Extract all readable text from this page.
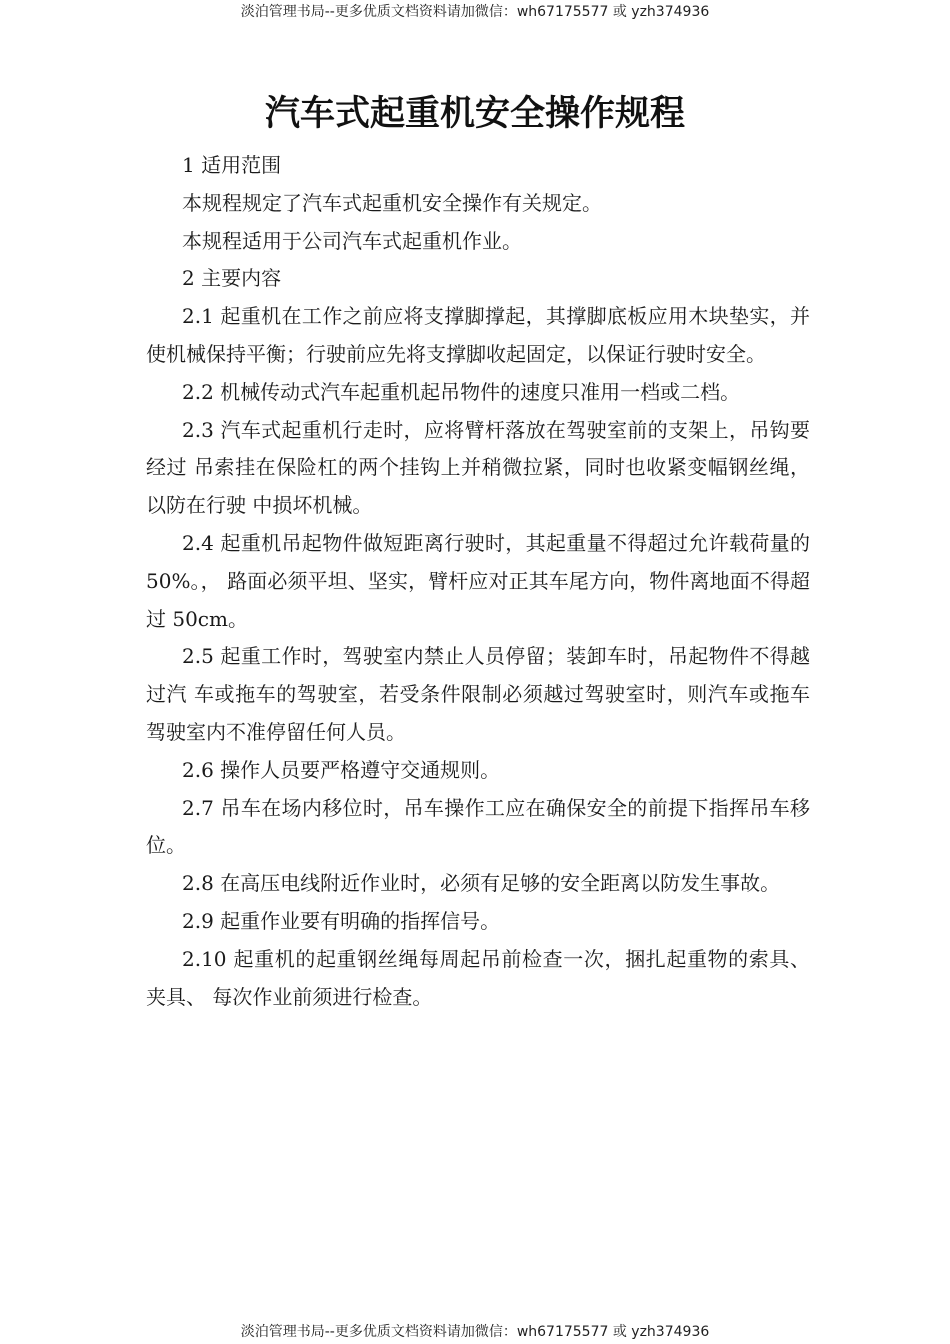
淡泊管理书局--更多优质文档资料请加微信：wh67175577 或 yzh374936
汽车式起重机安全操作规程

1 适用范围

本规程规定了汽车式起重机安全操作有关规定。

本规程适用于公司汽车式起重机作业。

2 主要内容

2.1 起重机在工作之前应将支撑脚撑起，其撑脚底板应用木块垫实，并使机械保持平衡；行驶前应先将支撑脚收起固定，以保证行驶时安全。

2.2 机械传动式汽车起重机起吊物件的速度只准用一档或二档。

2.3 汽车式起重机行走时，应将臂杆落放在驾驶室前的支架上，吊钩要经过 吊索挂在保险杠的两个挂钩上并稍微拉紧，同时也收紧变幅钢丝绳，以防在行驶 中损坏机械。

2.4 起重机吊起物件做短距离行驶时，其起重量不得超过允许载荷量的 50%。， 路面必须平坦、坚实，臂杆应对正其车尾方向，物件离地面不得超过 50cm。

2.5 起重工作时，驾驶室内禁止人员停留；装卸车时，吊起物件不得越过汽 车或拖车的驾驶室，若受条件限制必须越过驾驶室时，则汽车或拖车驾驶室内不准停留任何人员。

2.6 操作人员要严格遵守交通规则。

2.7 吊车在场内移位时，吊车操作工应在确保安全的前提下指挥吊车移位。

2.8 在高压电线附近作业时，必须有足够的安全距离以防发生事故。

2.9 起重作业要有明确的指挥信号。

2.10 起重机的起重钢丝绳每周起吊前检查一次，捆扎起重物的索具、夹具、 每次作业前须进行检查。

淡泊管理书局--更多优质文档资料请加微信：wh67175577 或 yzh374936
